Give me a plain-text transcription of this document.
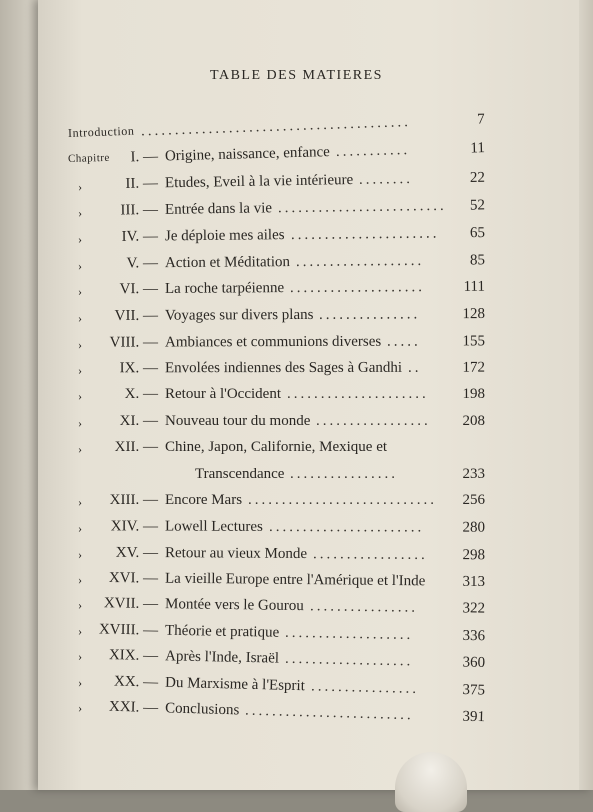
TABLE DES MATIERES
Introduction ........................................	7
Chapitre I. — Origine, naissance, enfance ...........	11
›	II. — Etudes, Eveil à la vie intérieure ........	22
›	III. — Entrée dans la vie .........................	52
›	IV. — Je déploie mes ailes ......................	65
›	V. — Action et Méditation ...................	85
›	VI. — La roche tarpéienne ....................	111
› VII. — Voyages sur divers plans ...............	128
› VIII. — Ambiances et communions diverses .....	155
›	IX. — Envolées indiennes des Sages à Gandhi ..	172
›	X. — Retour à l'Occident .....................	198
›	XI. — Nouveau tour du monde .................	208
› XII. — Chine, Japon, Californie, Mexique et
Transcendance ................	233
› XIII. — Encore Mars ............................	256
› XIV. — Lowell Lectures .......................	280
› XV. — Retour au vieux Monde .................	298
› XVI. — La vieille Europe entre l'Amérique et l'Inde 313
› XVII. — Montée vers le Gourou ................	322
› XVIII. — Théorie et pratique ...................	336
› XIX. — Après l'Inde, Israël ...................	360
› XX. — Du Marxisme à l'Esprit ................	375
› XXI. — Conclusions .........................	391
